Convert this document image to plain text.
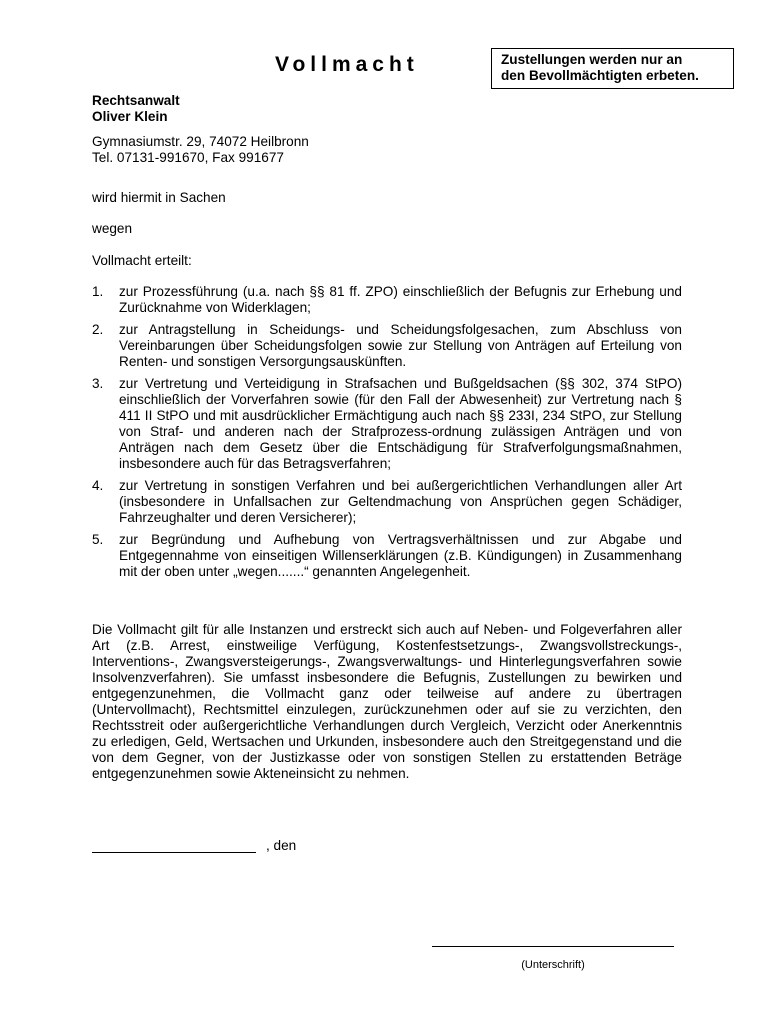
Vollmacht	Zustellungen werden nur an
den Bevollmächtigten erbeten.
Rechtsanwalt
Oliver Klein
Gymnasiumstr. 29, 74072 Heilbronn
Tel. 07131-991670, Fax 991677
wird hiermit in Sachen
wegen
Vollmacht erteilt:
1. zur Prozessführung (u.a. nach §§ 81 ff. ZPO) einschließlich der Befugnis zur Erhebung und Zurücknahme von Widerklagen;
2. zur Antragstellung in Scheidungs- und Scheidungsfolgesachen, zum Abschluss von Vereinbarungen über Scheidungsfolgen sowie zur Stellung von Anträgen auf Erteilung von Renten- und sonstigen Versorgungsauskünften.
3. zur Vertretung und Verteidigung in Strafsachen und Bußgeldsachen (§§ 302, 374 StPO) einschließlich der Vorverfahren sowie (für den Fall der Abwesenheit) zur Vertretung nach § 411 II StPO und mit ausdrücklicher Ermächtigung auch nach §§ 233I, 234 StPO, zur Stellung von Straf- und anderen nach der Strafprozess-ordnung zulässigen Anträgen und von Anträgen nach dem Gesetz über die Entschädigung für Strafverfolgungsmaßnahmen, insbesondere auch für das Betragsverfahren;
4. zur Vertretung in sonstigen Verfahren und bei außergerichtlichen Verhandlungen aller Art (insbesondere in Unfallsachen zur Geltendmachung von Ansprüchen gegen Schädiger, Fahrzeughalter und deren Versicherer);
5. zur Begründung und Aufhebung von Vertragsverhältnissen und zur Abgabe und Entgegennahme von einseitigen Willenserklärungen (z.B. Kündigungen) in Zusammenhang mit der oben unter „wegen.......“ genannten Angelegenheit.
Die Vollmacht gilt für alle Instanzen und erstreckt sich auch auf Neben- und Folgeverfahren aller Art (z.B. Arrest, einstweilige Verfügung, Kostenfestsetzungs-, Zwangsvollstreckungs-, Interventions-, Zwangsversteigerungs-, Zwangsverwaltungs- und Hinterlegungsverfahren sowie Insolvenzverfahren). Sie umfasst insbesondere die Befugnis, Zustellungen zu bewirken und entgegenzunehmen, die Vollmacht ganz oder teilweise auf andere zu übertragen (Untervollmacht), Rechtsmittel einzulegen, zurückzunehmen oder auf sie zu verzichten, den Rechtsstreit oder außergerichtliche Verhandlungen durch Vergleich, Verzicht oder Anerkenntnis zu erledigen, Geld, Wertsachen und Urkunden, insbesondere auch den Streitgegenstand und die von dem Gegner, von der Justizkasse oder von sonstigen Stellen zu erstattenden Beträge entgegenzunehmen sowie Akteneinsicht zu nehmen.
, den
(Unterschrift)
